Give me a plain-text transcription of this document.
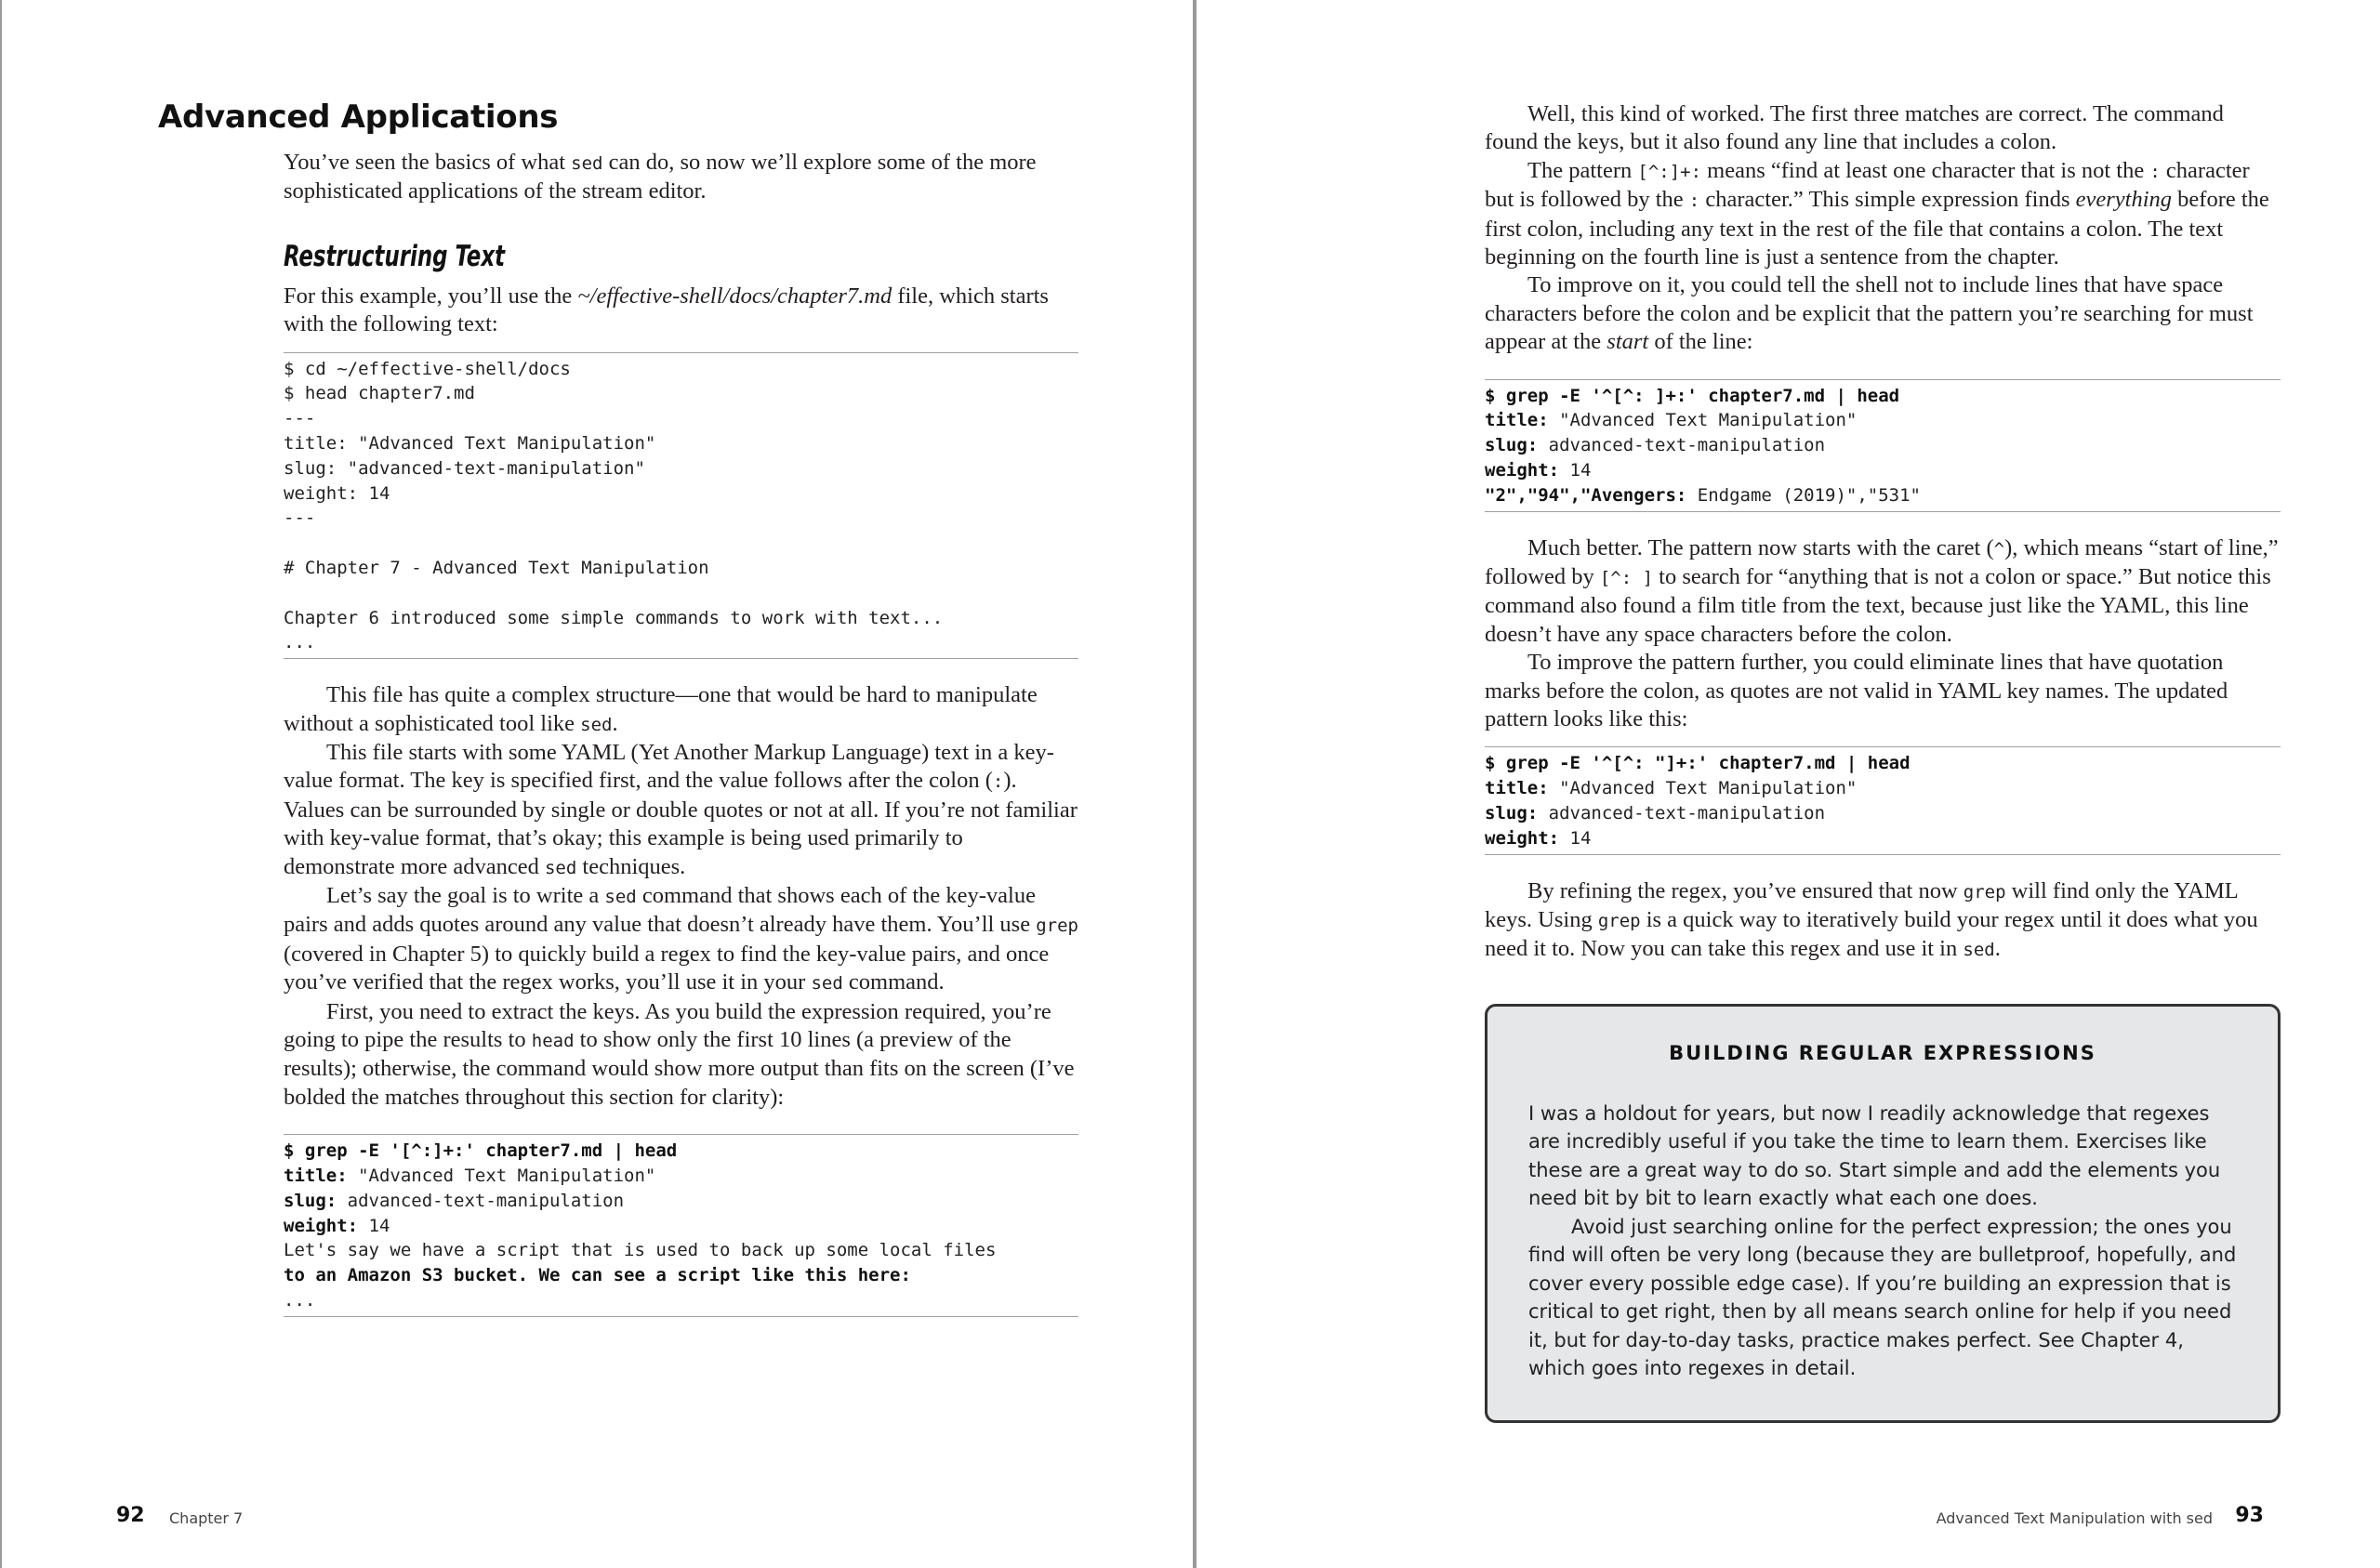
Advanced Applications

You’ve seen the basics of what sed can do, so now we’ll explore some of the more sophisticated applications of the stream editor.

Restructuring Text

For this example, you’ll use the ~/effective-shell/docs/chapter7.md file, which starts with the following text:

$ cd ~/effective-shell/docs
$ head chapter7.md
---
title: "Advanced Text Manipulation"
slug: "advanced-text-manipulation"
weight: 14
---

# Chapter 7 - Advanced Text Manipulation

Chapter 6 introduced some simple commands to work with text...
...

This file has quite a complex structure—one that would be hard to manipulate without a sophisticated tool like sed.

This file starts with some YAML (Yet Another Markup Language) text in a key-value format. The key is specified first, and the value follows after the colon (:). Values can be surrounded by single or double quotes or not at all. If you’re not familiar with key-value format, that’s okay; this example is being used primarily to demonstrate more advanced sed techniques.

Let’s say the goal is to write a sed command that shows each of the key-value pairs and adds quotes around any value that doesn’t already have them. You’ll use grep (covered in Chapter 5) to quickly build a regex to find the key-value pairs, and once you’ve verified that the regex works, you’ll use it in your sed command.

First, you need to extract the keys. As you build the expression required, you’re going to pipe the results to head to show only the first 10 lines (a preview of the results); otherwise, the command would show more output than fits on the screen (I’ve bolded the matches throughout this section for clarity):

$ grep -E '[^:]+:' chapter7.md | head
title: "Advanced Text Manipulation"
slug: advanced-text-manipulation
weight: 14
Let's say we have a script that is used to back up some local files
to an Amazon S3 bucket. We can see a script like this here:
...
92 Chapter 7

Well, this kind of worked. The first three matches are correct. The command found the keys, but it also found any line that includes a colon.

The pattern [^:]+: means “find at least one character that is not the : character but is followed by the : character.” This simple expression finds everything before the first colon, including any text in the rest of the file that contains a colon. The text beginning on the fourth line is just a sentence from the chapter.

To improve on it, you could tell the shell not to include lines that have space characters before the colon and be explicit that the pattern you’re searching for must appear at the start of the line:

$ grep -E '^[^: ]+:' chapter7.md | head
title: "Advanced Text Manipulation"
slug: advanced-text-manipulation
weight: 14
"2","94","Avengers: Endgame (2019)","531"

Much better. The pattern now starts with the caret (^), which means “start of line,” followed by [^: ] to search for “anything that is not a colon or space.” But notice this command also found a film title from the text, because just like the YAML, this line doesn’t have any space characters before the colon.

To improve the pattern further, you could eliminate lines that have quotation marks before the colon, as quotes are not valid in YAML key names. The updated pattern looks like this:

$ grep -E '^[^: "]+:' chapter7.md | head
title: "Advanced Text Manipulation"
slug: advanced-text-manipulation
weight: 14

By refining the regex, you’ve ensured that now grep will find only the YAML keys. Using grep is a quick way to iteratively build your regex until it does what you need it to. Now you can take this regex and use it in sed.

BUILDING REGULAR EXPRESSIONS

I was a holdout for years, but now I readily acknowledge that regexes are incredibly useful if you take the time to learn them. Exercises like these are a great way to do so. Start simple and add the elements you need bit by bit to learn exactly what each one does.

Avoid just searching online for the perfect expression; the ones you find will often be very long (because they are bulletproof, hopefully, and cover every possible edge case). If you’re building an expression that is critical to get right, then by all means search online for help if you need it, but for day-to-day tasks, practice makes perfect. See Chapter 4, which goes into regexes in detail.

Advanced Text Manipulation with sed 93
